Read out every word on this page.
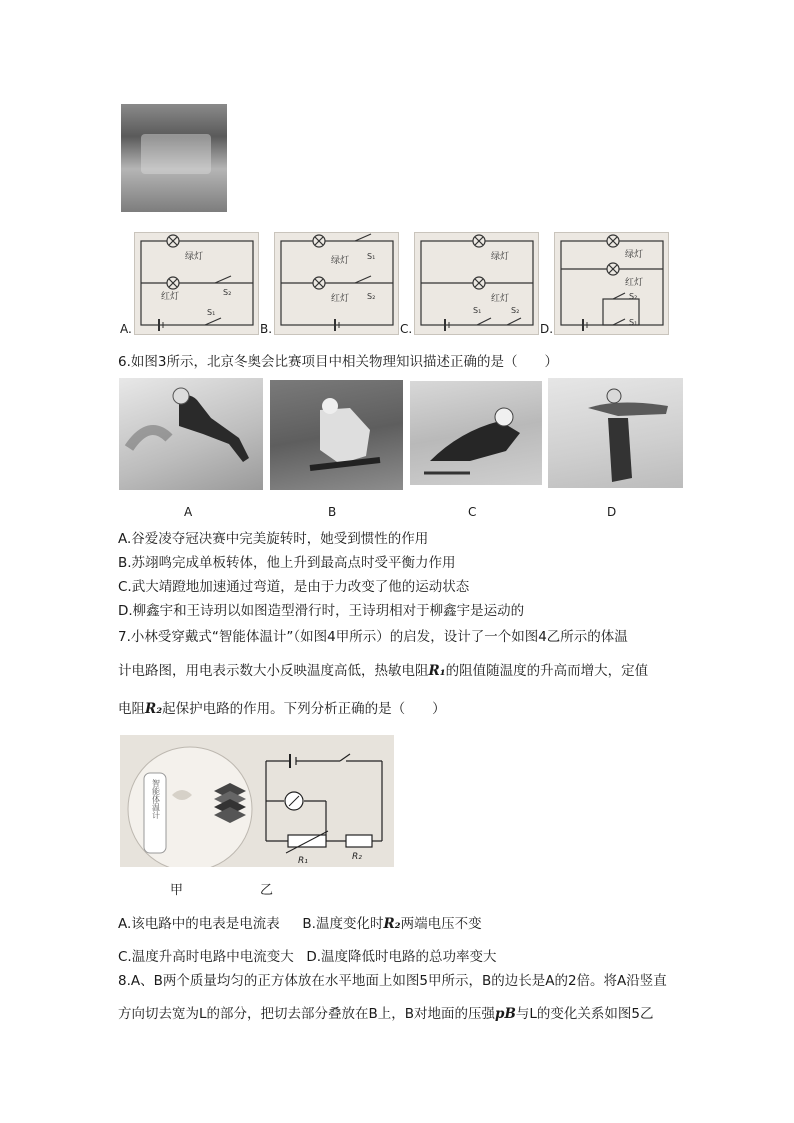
绿灯
红灯	S₂
S₁
绿灯
红灯
S₁
S₂
绿灯
红灯
S₁	S₂
绿灯
红灯
S₂
S₁
A.	B.	C.	D.
6.如图3所示，北京冬奥会比赛项目中相关物理知识描述正确的是（　　）
A	B	C	D
A.谷爱凌夺冠决赛中完美旋转时，她受到惯性的作用
B.苏翊鸣完成单板转体，他上升到最高点时受平衡力作用
C.武大靖蹬地加速通过弯道，是由于力改变了他的运动状态
D.柳鑫宇和王诗玥以如图造型滑行时，王诗玥相对于柳鑫宇是运动的
7.小林受穿戴式“智能体温计”（如图4甲所示）的启发，设计了一个如图4乙所示的体温
计电路图，用电表示数大小反映温度高低，热敏电阻R₁的阻值随温度的升高而增大，定值
电阻R₂起保护电路的作用。下列分析正确的是（　　）
智能体温计
R₁	R₂
甲	乙
A.该电路中的电表是电流表 B.温度变化时R₂两端电压不变
C.温度升高时电路中电流变大 D.温度降低时电路的总功率变大
8.A、B两个质量均匀的正方体放在水平地面上如图5甲所示，B的边长是A的2倍。将A沿竖直
方向切去宽为L的部分，把切去部分叠放在B上，B对地面的压强pB与L的变化关系如图5乙
